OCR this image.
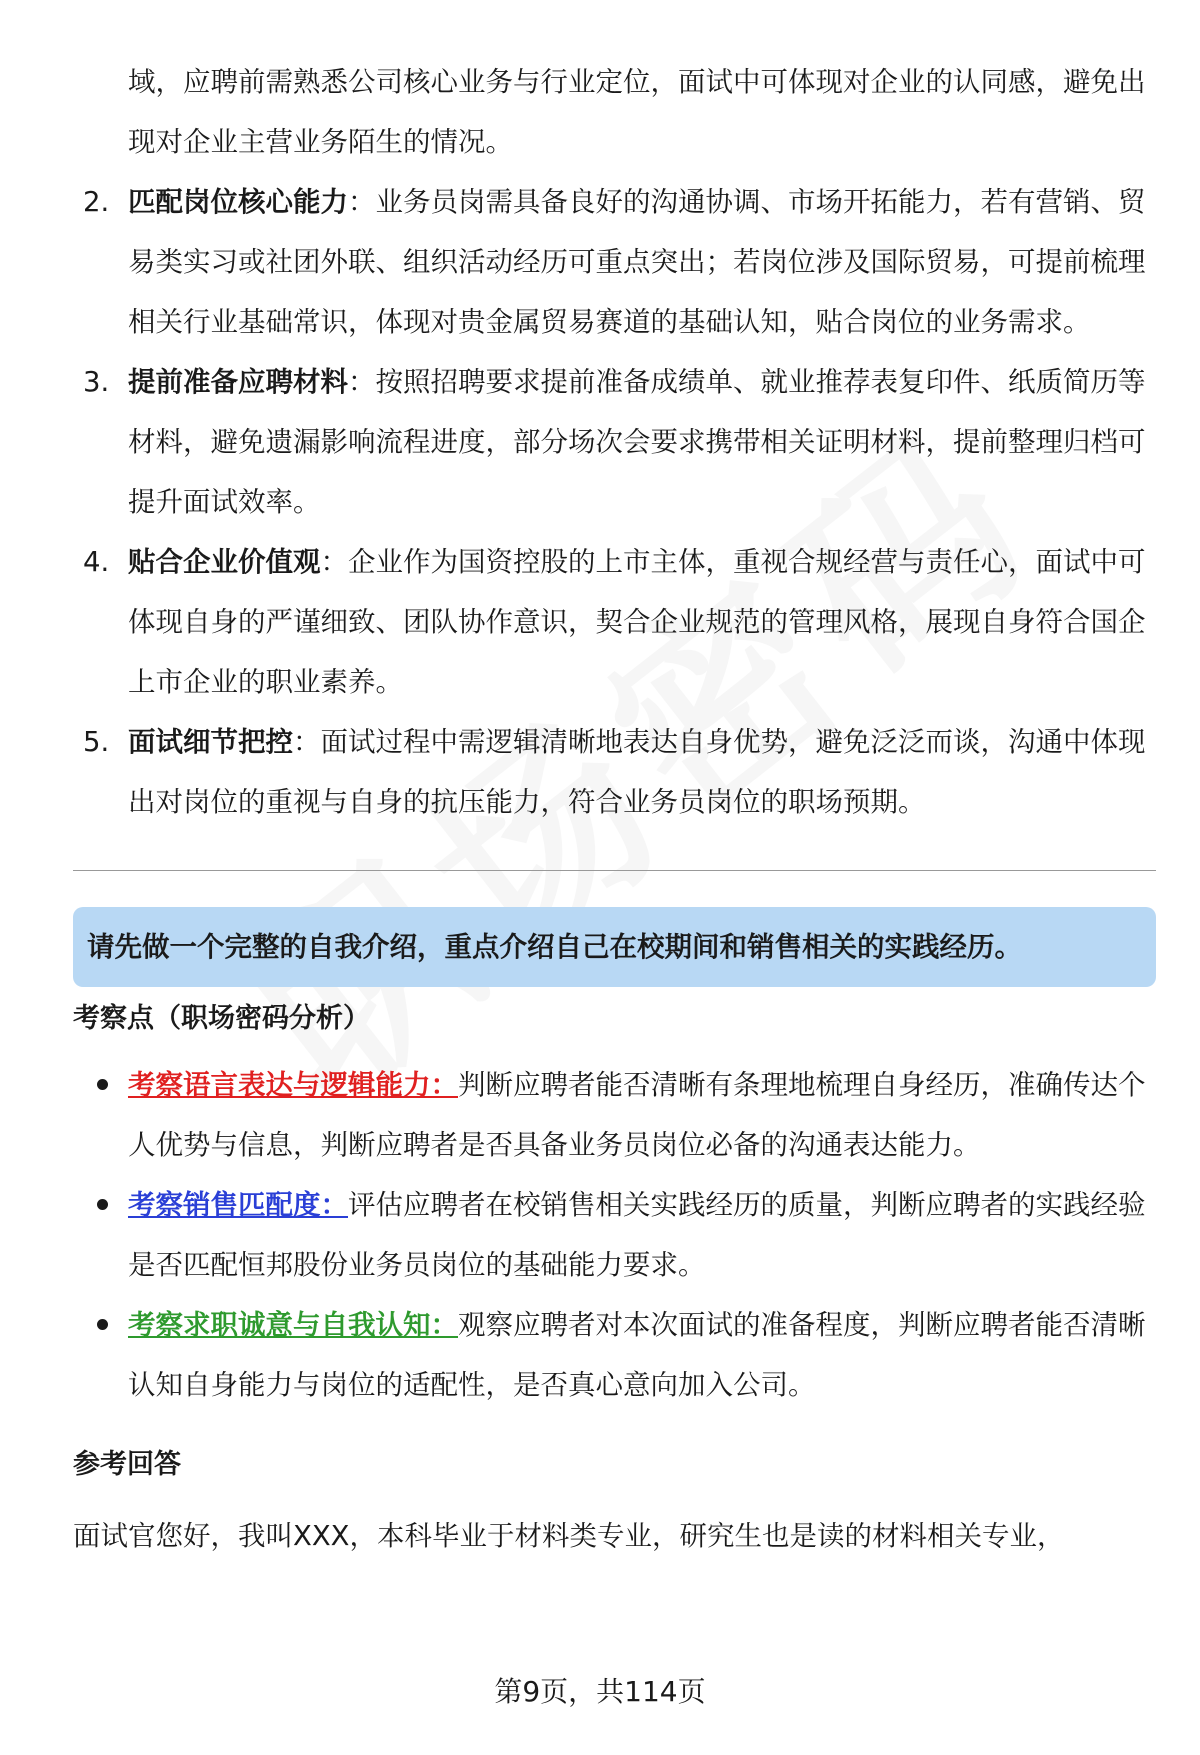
域，应聘前需熟悉公司核心业务与行业定位，面试中可体现对企业的认同感，避免出现对企业主营业务陌生的情况。
2. 匹配岗位核心能力：业务员岗需具备良好的沟通协调、市场开拓能力，若有营销、贸易类实习或社团外联、组织活动经历可重点突出；若岗位涉及国际贸易，可提前梳理相关行业基础常识，体现对贵金属贸易赛道的基础认知，贴合岗位的业务需求。
3. 提前准备应聘材料：按照招聘要求提前准备成绩单、就业推荐表复印件、纸质简历等材料，避免遗漏影响流程进度，部分场次会要求携带相关证明材料，提前整理归档可提升面试效率。
4. 贴合企业价值观：企业作为国资控股的上市主体，重视合规经营与责任心，面试中可体现自身的严谨细致、团队协作意识，契合企业规范的管理风格，展现自身符合国企上市企业的职业素养。
5. 面试细节把控：面试过程中需逻辑清晰地表达自身优势，避免泛泛而谈，沟通中体现出对岗位的重视与自身的抗压能力，符合业务员岗位的职场预期。
请先做一个完整的自我介绍，重点介绍自己在校期间和销售相关的实践经历。
考察点（职场密码分析）
考察语言表达与逻辑能力：判断应聘者能否清晰有条理地梳理自身经历，准确传达个人优势与信息，判断应聘者是否具备业务员岗位必备的沟通表达能力。
考察销售匹配度：评估应聘者在校销售相关实践经历的质量，判断应聘者的实践经验是否匹配恒邦股份业务员岗位的基础能力要求。
考察求职诚意与自我认知：观察应聘者对本次面试的准备程度，判断应聘者能否清晰认知自身能力与岗位的适配性，是否真心意向加入公司。
参考回答
面试官您好，我叫XXX，本科毕业于材料类专业，研究生也是读的材料相关专业，
第9页，共114页
